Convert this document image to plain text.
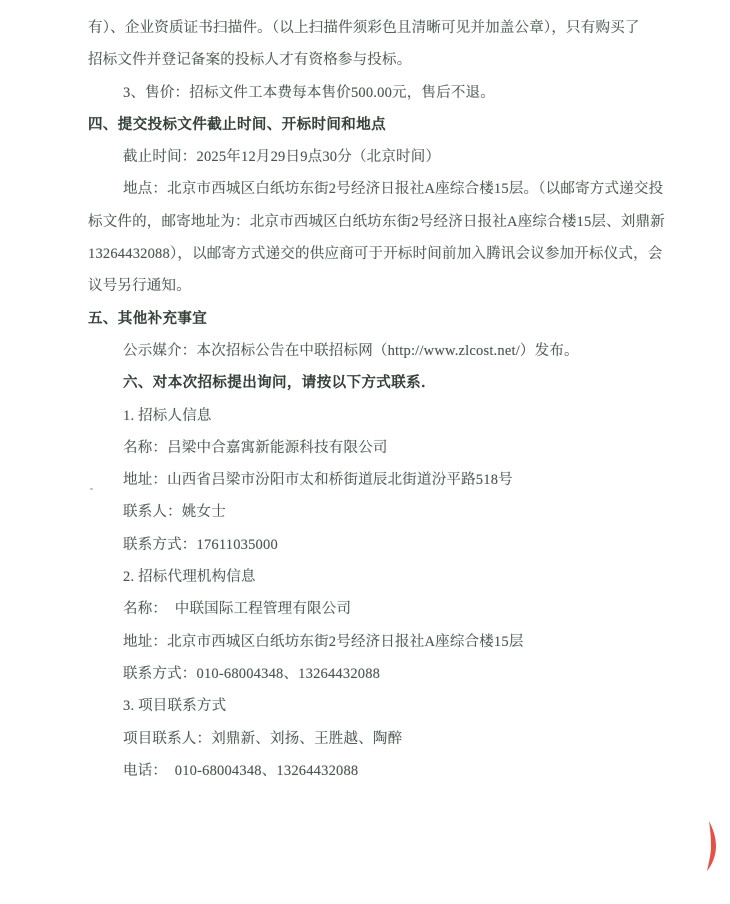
有）、企业资质证书扫描件。（以上扫描件须彩色且清晰可见并加盖公章），只有购买了
招标文件并登记备案的投标人才有资格参与投标。
3、售价：招标文件工本费每本售价500.00元，售后不退。
四、提交投标文件截止时间、开标时间和地点
截止时间：2025年12月29日9点30分（北京时间）
地点：北京市西城区白纸坊东街2号经济日报社A座综合楼15层。（以邮寄方式递交投
标文件的，邮寄地址为：北京市西城区白纸坊东街2号经济日报社A座综合楼15层、刘鼎新
13264432088），以邮寄方式递交的供应商可于开标时间前加入腾讯会议参加开标仪式，会
议号另行通知。
五、其他补充事宜
公示媒介：本次招标公告在中联招标网（http://www.zlcost.net/）发布。
六、对本次招标提出询问，请按以下方式联系．
1. 招标人信息
名称：吕梁中合嘉寓新能源科技有限公司
地址：山西省吕梁市汾阳市太和桥街道辰北街道汾平路518号
联系人：姚女士
联系方式：17611035000
2. 招标代理机构信息
名称：  中联国际工程管理有限公司
地址：北京市西城区白纸坊东街2号经济日报社A座综合楼15层
联系方式：010-68004348、13264432088
3. 项目联系方式
项目联系人：刘鼎新、刘扬、王胜越、陶醉
电话：  010-68004348、13264432088
